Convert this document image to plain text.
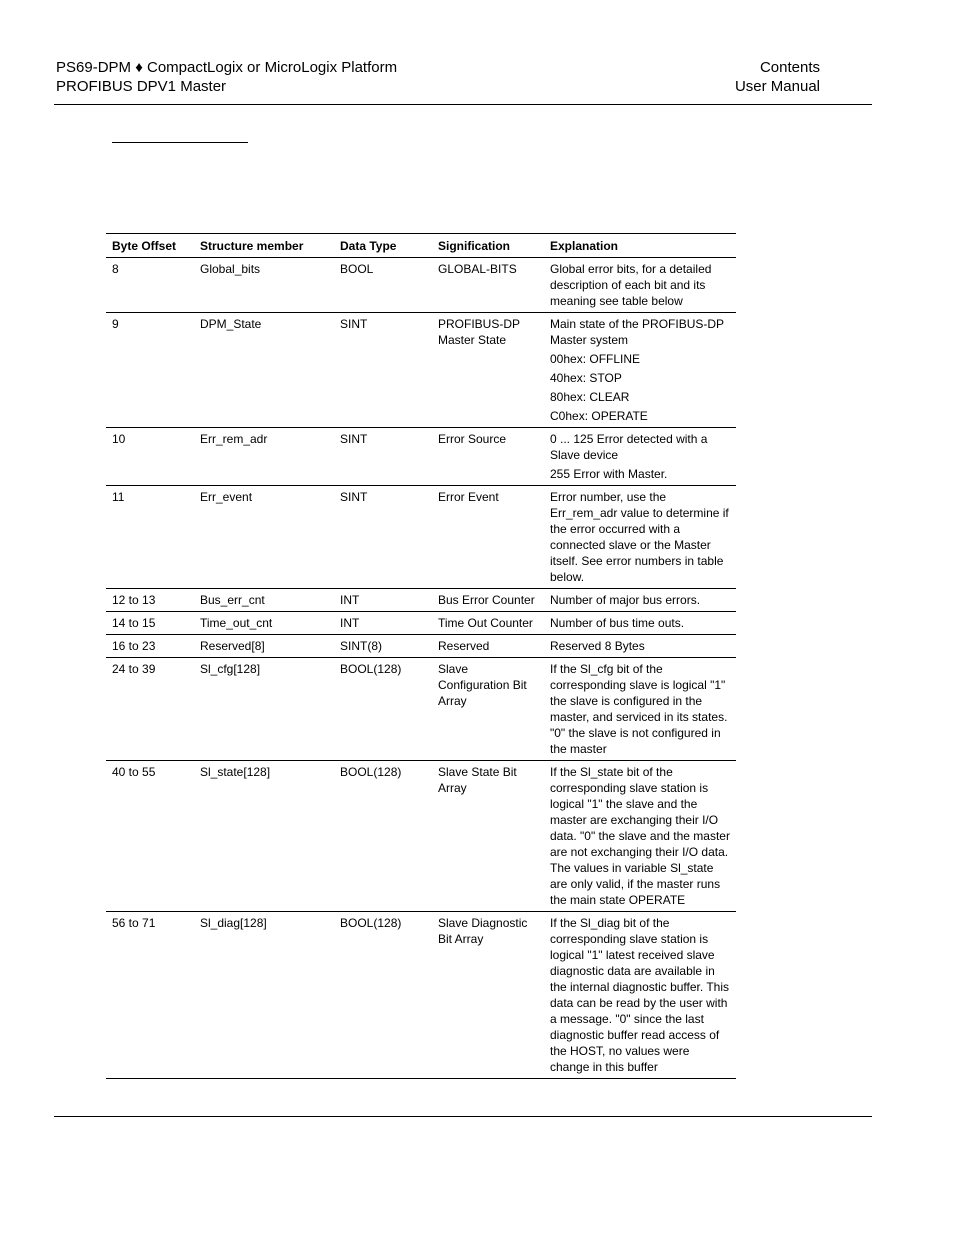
PS69-DPM ♦ CompactLogix or MicroLogix Platform
PROFIBUS DPV1 Master
Contents
User Manual
Byte Offset	Structure member	Data Type	Signification	Explanation
8	Global_bits	BOOL	GLOBAL-BITS	Global error bits, for a detailed description of each bit and its meaning see table below

9	DPM_State	SINT	PROFIBUS-DP Master State	Main state of the PROFIBUS-DP Master system
00hex: OFFLINE
40hex: STOP
80hex: CLEAR
C0hex: OPERATE

10	Err_rem_adr	SINT	Error Source	0 ... 125 Error detected with a Slave device
255 Error with Master.

11	Err_event	SINT	Error Event	Error number, use the Err_rem_adr value to determine if the error occurred with a connected slave or the Master itself. See error numbers in table below.

12 to 13	Bus_err_cnt	INT	Bus Error Counter	Number of major bus errors.

14 to 15	Time_out_cnt	INT	Time Out Counter	Number of bus time outs.

16 to 23	Reserved[8]	SINT(8)	Reserved	Reserved 8 Bytes

24 to 39	Sl_cfg[128]	BOOL(128)	Slave Configuration Bit Array	If the Sl_cfg bit of the corresponding slave is logical "1" the slave is configured in the master, and serviced in its states. "0" the slave is not configured in the master

40 to 55	Sl_state[128]	BOOL(128)	Slave State Bit Array	If the Sl_state bit of the corresponding slave station is logical "1" the slave and the master are exchanging their I/O data. "0" the slave and the master are not exchanging their I/O data. The values in variable Sl_state are only valid, if the master runs the main state OPERATE

56 to 71	Sl_diag[128]	BOOL(128)	Slave Diagnostic Bit Array	If the Sl_diag bit of the corresponding slave station is logical "1" latest received slave diagnostic data are available in the internal diagnostic buffer. This data can be read by the user with a message. "0" since the last diagnostic buffer read access of the HOST, no values were change in this buffer
